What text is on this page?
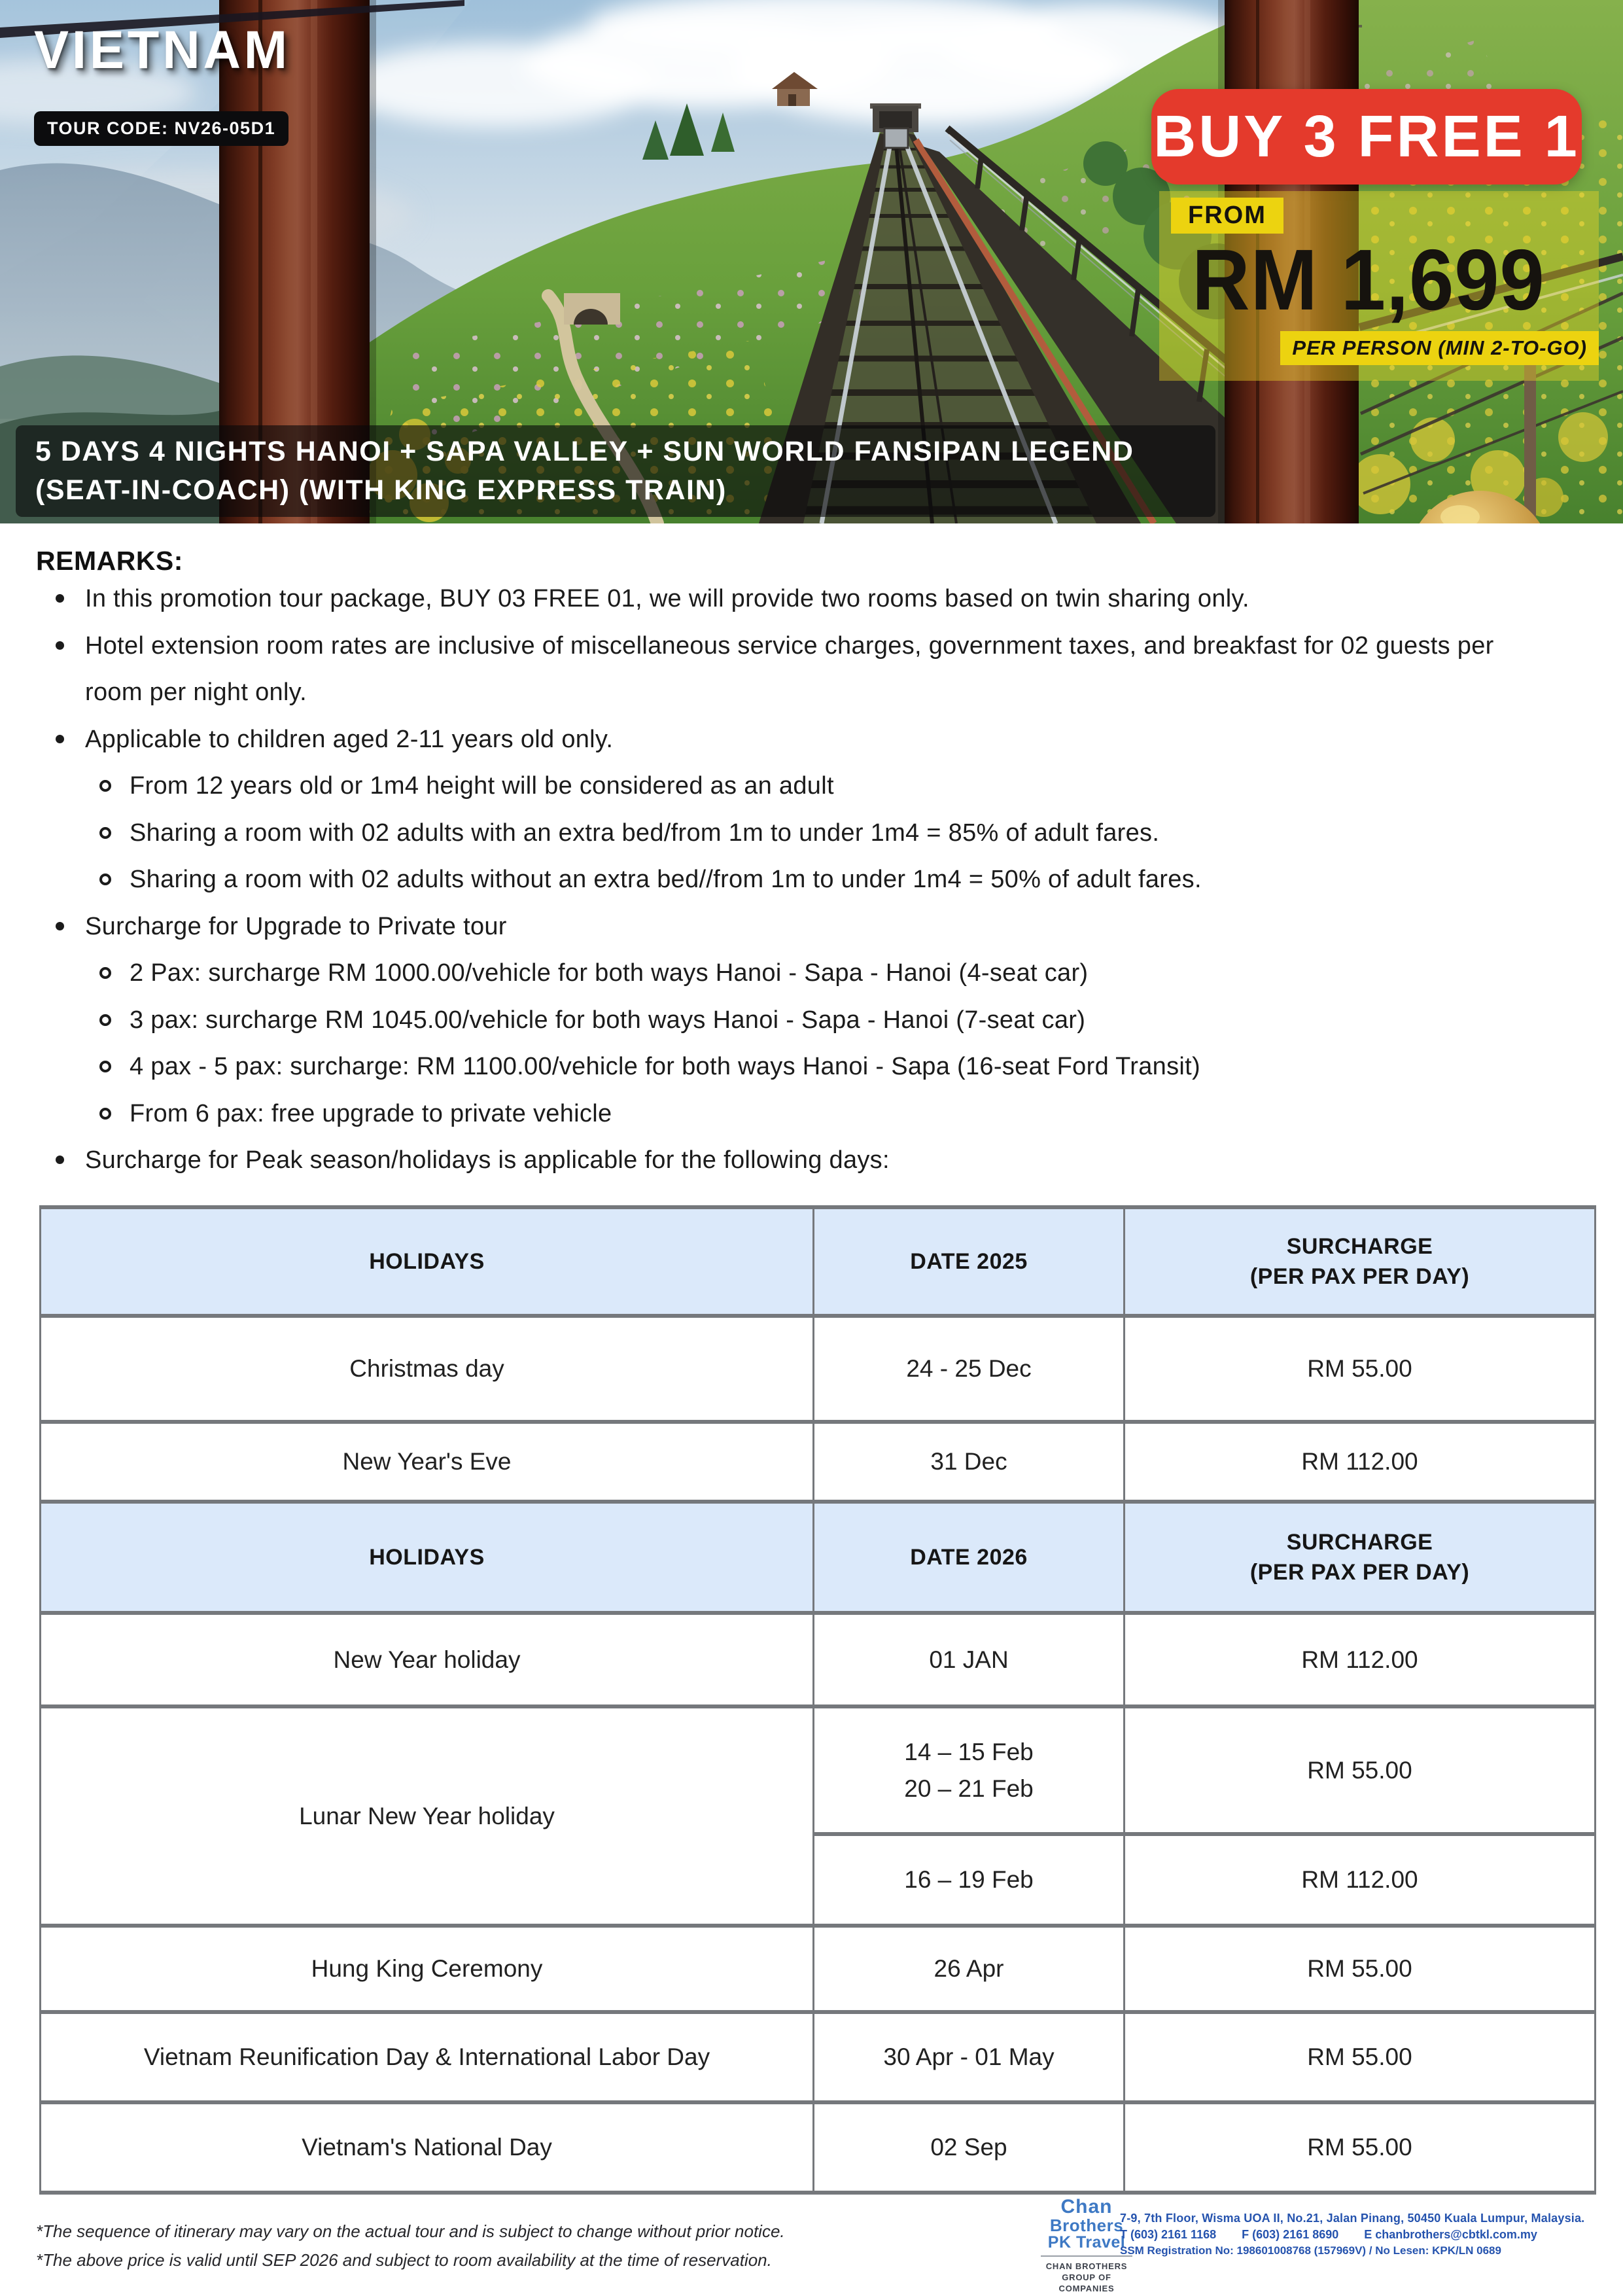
VIETNAM
TOUR CODE: NV26-05D1	BUY 3 FREE 1
FROM
RM 1,699
PER PERSON (MIN 2-TO-GO)
5 DAYS 4 NIGHTS HANOI + SAPA VALLEY + SUN WORLD FANSIPAN LEGEND
(SEAT-IN-COACH) (WITH KING EXPRESS TRAIN)
REMARKS:
In this promotion tour package, BUY 03 FREE 01, we will provide two rooms based on twin sharing only.
Hotel extension room rates are inclusive of miscellaneous service charges, government taxes, and breakfast for 02 guests per room per night only.
Applicable to children aged 2-11 years old only.
From 12 years old or 1m4 height will be considered as an adult
Sharing a room with 02 adults with an extra bed/from 1m to under 1m4 = 85% of adult fares.
Sharing a room with 02 adults without an extra bed//from 1m to under 1m4 = 50% of adult fares.
Surcharge for Upgrade to Private tour
2 Pax: surcharge RM 1000.00/vehicle for both ways Hanoi - Sapa - Hanoi (4-seat car)
3 pax: surcharge RM 1045.00/vehicle for both ways Hanoi - Sapa - Hanoi (7-seat car)
4 pax - 5 pax: surcharge: RM 1100.00/vehicle for both ways Hanoi - Sapa (16-seat Ford Transit)
From 6 pax: free upgrade to private vehicle
Surcharge for Peak season/holidays is applicable for the following days:
HOLIDAYS	DATE 2025	SURCHARGE
(PER PAX PER DAY)
Christmas day	24 - 25 Dec	RM 55.00
New Year's Eve	31 Dec	RM 112.00
HOLIDAYS	DATE 2026	SURCHARGE
(PER PAX PER DAY)
New Year holiday	01 JAN	RM 112.00
Lunar New Year holiday	14 – 15 Feb
20 – 21 Feb	RM 55.00
	16 – 19 Feb	RM 112.00
Hung King Ceremony	26 Apr	RM 55.00
Vietnam Reunification Day & International Labor Day	30 Apr - 01 May	RM 55.00
Vietnam's National Day	02 Sep	RM 55.00
*The sequence of itinerary may vary on the actual tour and is subject to change without prior notice.
*The above price is valid until SEP 2026 and subject to room availability at the time of reservation.
Chan
Brothers
PK Travel
CHAN BROTHERS
GROUP OF COMPANIES
7-9, 7th Floor, Wisma UOA II, No.21, Jalan Pinang, 50450 Kuala Lumpur, Malaysia.
T (603) 2161 1168 F (603) 2161 8690 E chanbrothers@cbtkl.com.my
SSM Registration No: 198601008768 (157969V) / No Lesen: KPK/LN 0689
